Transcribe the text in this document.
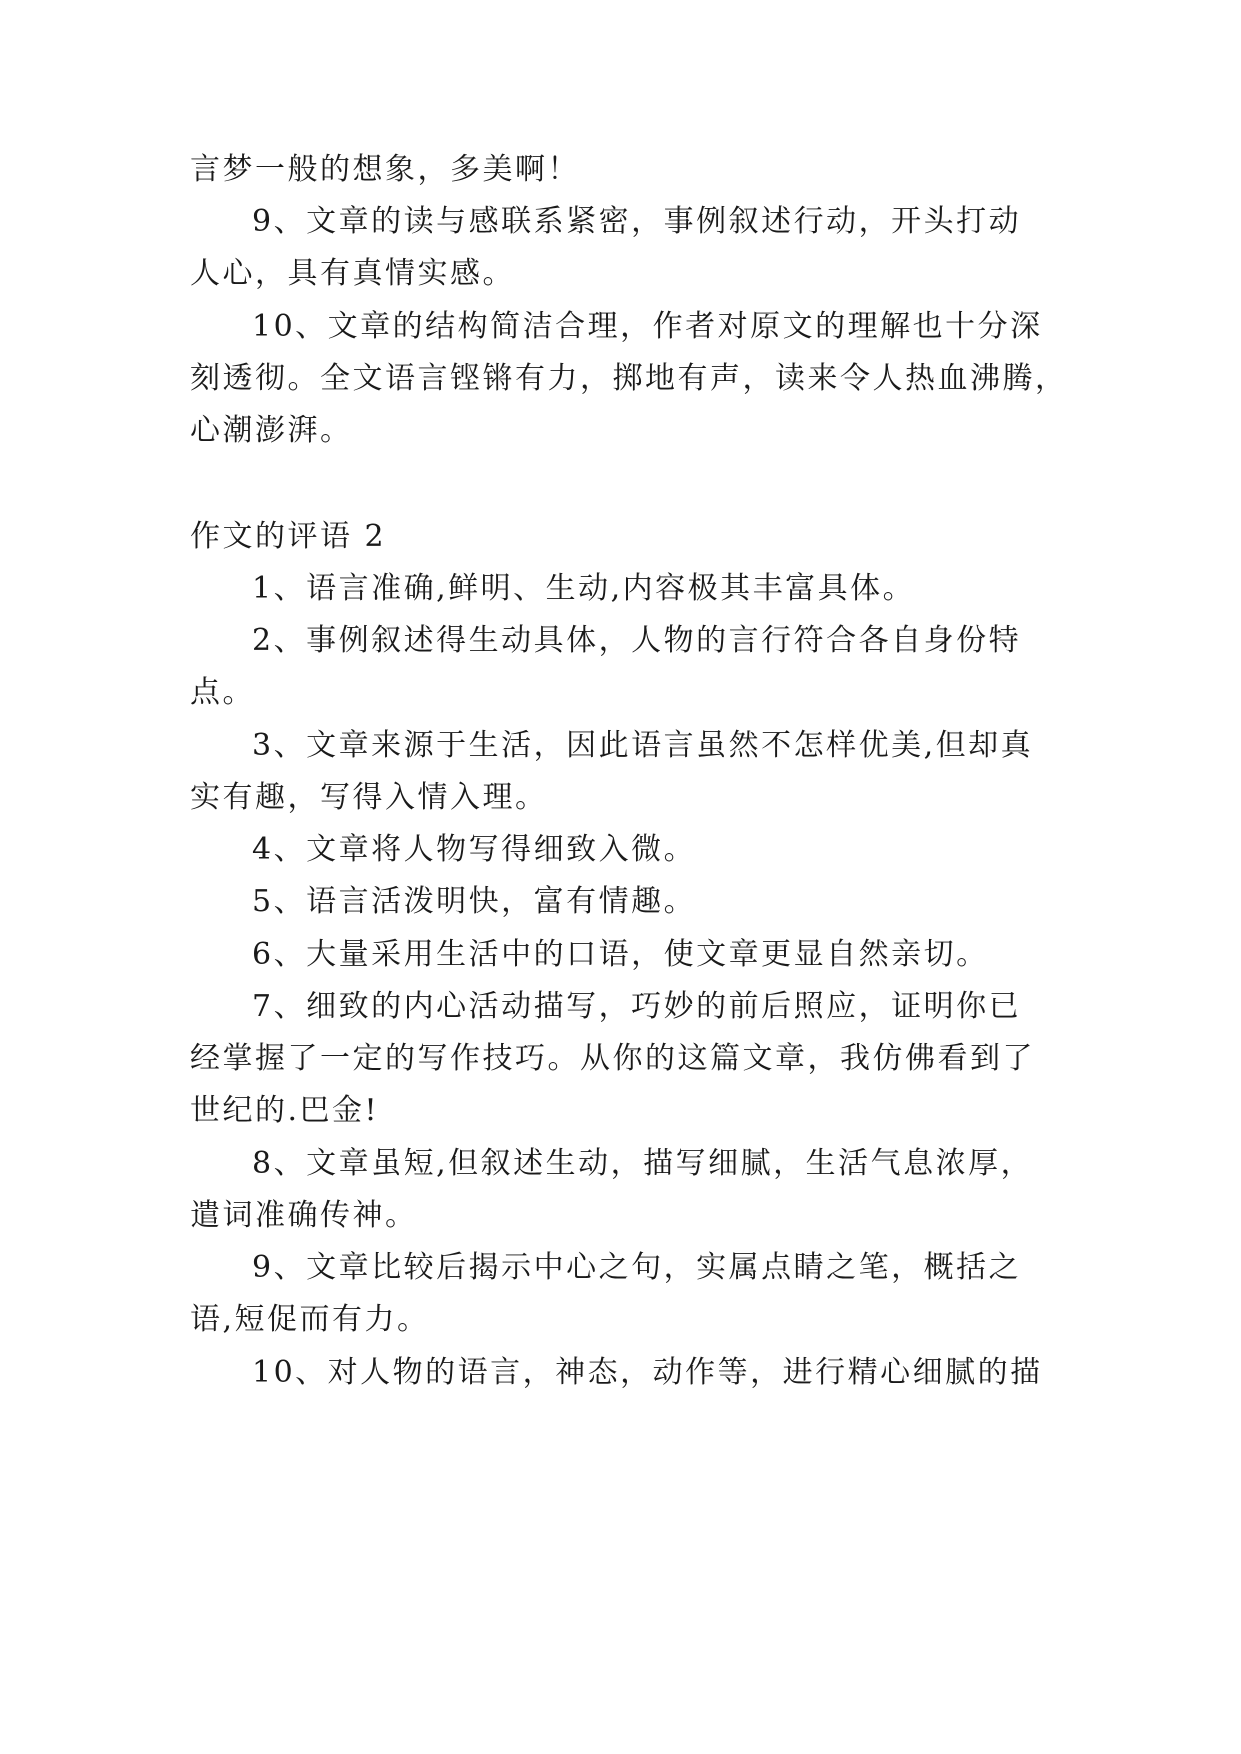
言梦一般的想象，多美啊！
9、文章的读与感联系紧密，事例叙述行动，开头打动
人心，具有真情实感。
10、文章的结构简洁合理，作者对原文的理解也十分深
刻透彻。全文语言铿锵有力，掷地有声，读来令人热血沸腾，
心潮澎湃。
作文的评语 2
1、语言准确,鲜明、生动,内容极其丰富具体。
2、事例叙述得生动具体，人物的言行符合各自身份特
点。
3、文章来源于生活，因此语言虽然不怎样优美,但却真
实有趣，写得入情入理。
4、文章将人物写得细致入微。
5、语言活泼明快，富有情趣。
6、大量采用生活中的口语，使文章更显自然亲切。
7、细致的内心活动描写，巧妙的前后照应，证明你已
经掌握了一定的写作技巧。从你的这篇文章，我仿佛看到了
世纪的.巴金!
8、文章虽短,但叙述生动，描写细腻，生活气息浓厚，
遣词准确传神。
9、文章比较后揭示中心之句，实属点睛之笔，概括之
语,短促而有力。
10、对人物的语言，神态，动作等，进行精心细腻的描
